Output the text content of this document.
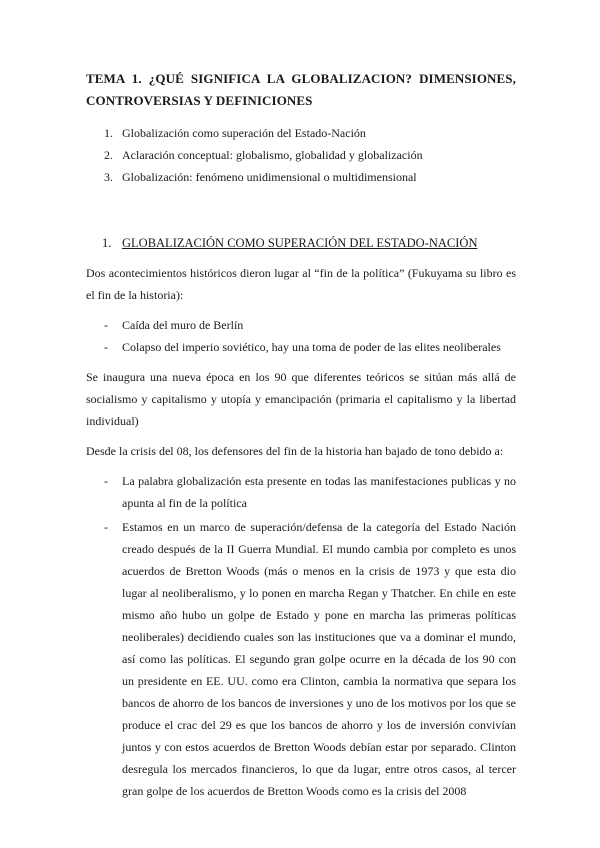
TEMA 1. ¿QUÉ SIGNIFICA LA GLOBALIZACION? DIMENSIONES, CONTROVERSIAS Y DEFINICIONES
1. Globalización como superación del Estado-Nación
2. Aclaración conceptual: globalismo, globalidad y globalización
3. Globalización: fenómeno unidimensional o multidimensional
1. GLOBALIZACIÓN COMO SUPERACIÓN DEL ESTADO-NACIÓN

Dos acontecimientos históricos dieron lugar al “fin de la política” (Fukuyama su libro es el fin de la historia):

-	Caída del muro de Berlín
-	Colapso del imperio soviético, hay una toma de poder de las elites neoliberales

Se inaugura una nueva época en los 90 que diferentes teóricos se sitúan más allá de socialismo y capitalismo y utopía y emancipación (primaria el capitalismo y la libertad individual)

Desde la crisis del 08, los defensores del fin de la historia han bajado de tono debido a:

-	La palabra globalización esta presente en todas las manifestaciones publicas y no apunta al fin de la política
-	Estamos en un marco de superación/defensa de la categoría del Estado Nación creado después de la II Guerra Mundial. El mundo cambia por completo es unos acuerdos de Bretton Woods (más o menos en la crisis de 1973 y que esta dio lugar al neoliberalismo, y lo ponen en marcha Regan y Thatcher. En chile en este mismo año hubo un golpe de Estado y pone en marcha las primeras políticas neoliberales) decidiendo cuales son las instituciones que va a dominar el mundo, así como las políticas. El segundo gran golpe ocurre en la década de los 90 con un presidente en EE. UU. como era Clinton, cambia la normativa que separa los bancos de ahorro de los bancos de inversiones y uno de los motivos por los que se produce el crac del 29 es que los bancos de ahorro y los de inversión convivían juntos y con estos acuerdos de Bretton Woods debían estar por separado. Clinton desregula los mercados financieros, lo que da lugar, entre otros casos, al tercer gran golpe de los acuerdos de Bretton Woods como es la crisis del 2008
